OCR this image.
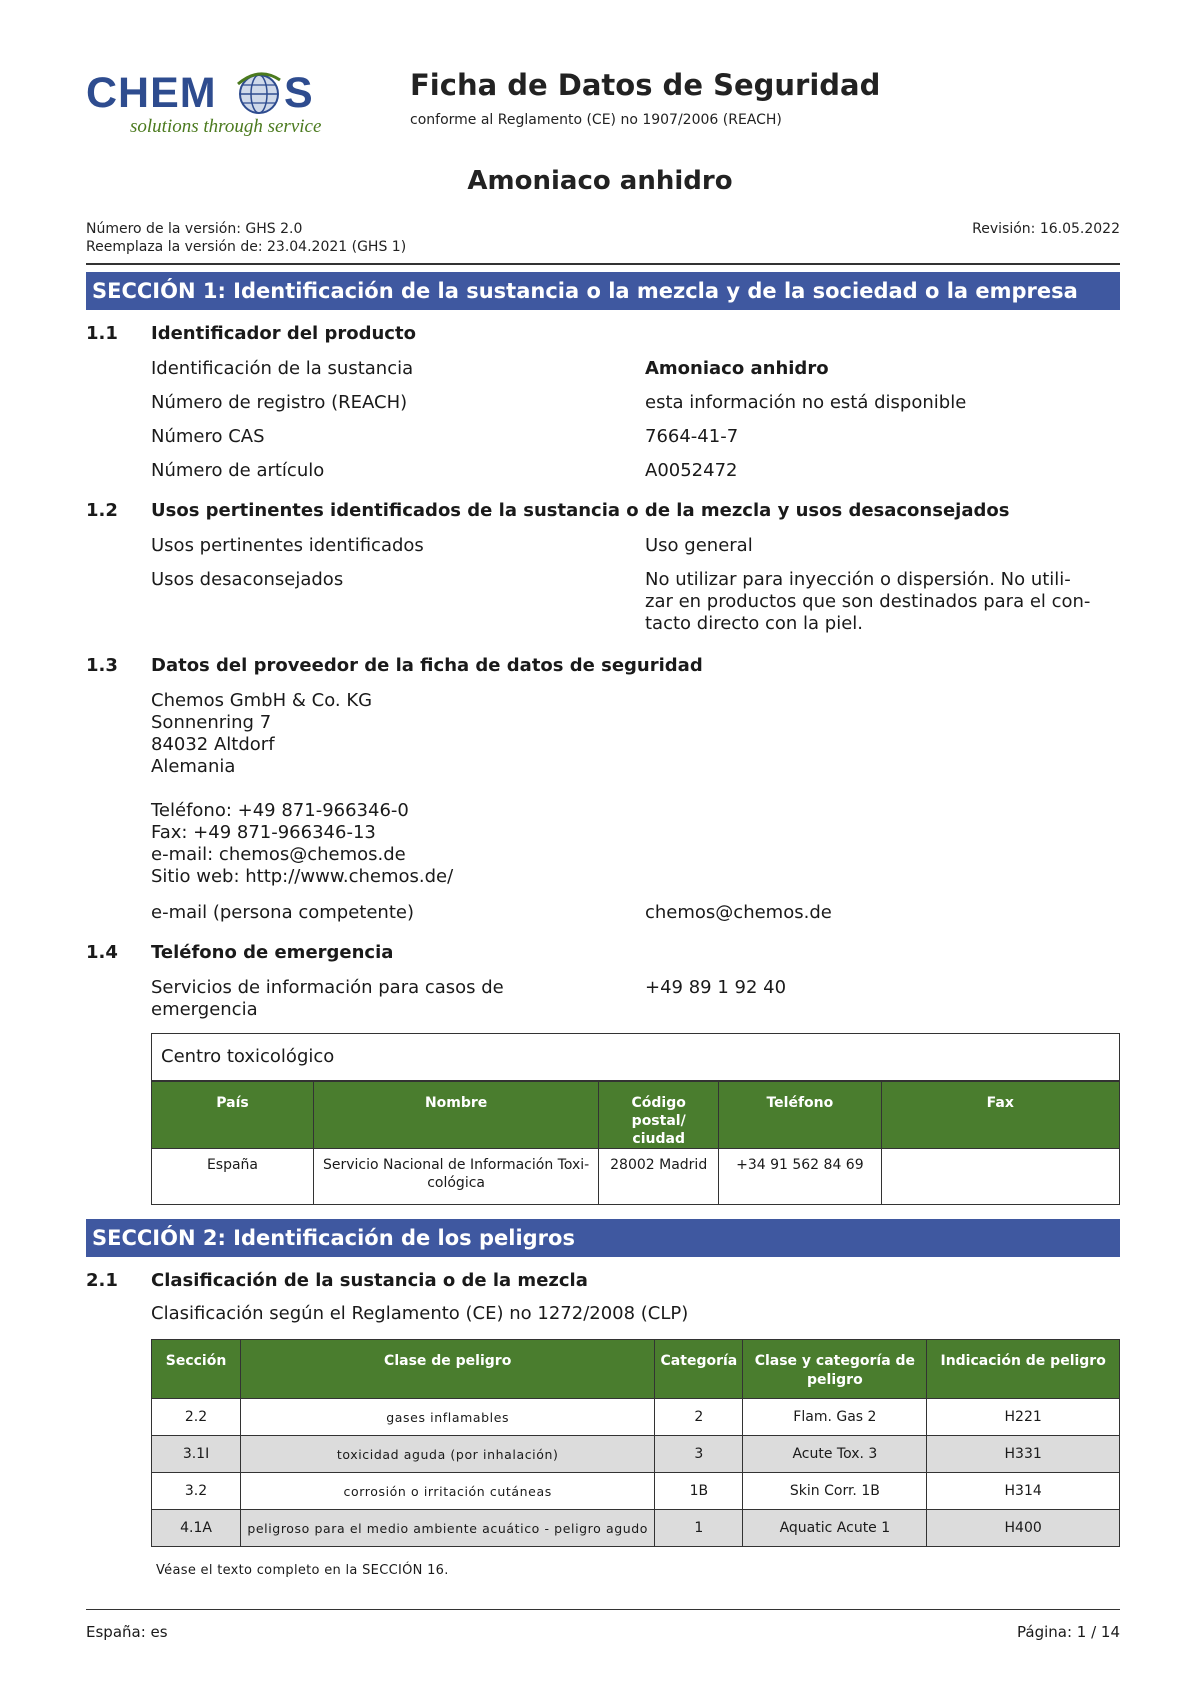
CHEM S
solutions through service
Ficha de Datos de Seguridad
conforme al Reglamento (CE) no 1907/2006 (REACH)
Amoniaco anhidro
Número de la versión: GHS 2.0
Reemplaza la versión de: 23.04.2021 (GHS 1)
Revisión: 16.05.2022
SECCIÓN 1: Identificación de la sustancia o la mezcla y de la sociedad o la empresa
1.1 Identificador del producto
Identificación de la sustancia	Amoniaco anhidro
Número de registro (REACH)	esta información no está disponible
Número CAS	7664-41-7
Número de artículo	A0052472
1.2 Usos pertinentes identificados de la sustancia o de la mezcla y usos desaconsejados
Usos pertinentes identificados	Uso general
Usos desaconsejados	No utilizar para inyección o dispersión. No utili-
zar en productos que son destinados para el con-
tacto directo con la piel.
1.3 Datos del proveedor de la ficha de datos de seguridad
Chemos GmbH & Co. KG
Sonnenring 7
84032 Altdorf
Alemania
Teléfono: +49 871-966346-0
Fax: +49 871-966346-13
e-mail: chemos@chemos.de
Sitio web: http://www.chemos.de/
e-mail (persona competente)	chemos@chemos.de
1.4 Teléfono de emergencia
Servicios de información para casos de
emergencia
+49 89 1 92 40
Centro toxicológico
País	Nombre	Código postal/ ciudad	Teléfono	Fax
España	Servicio Nacional de Información Toxicológica	28002 Madrid	+34 91 562 84 69	
SECCIÓN 2: Identificación de los peligros
2.1 Clasificación de la sustancia o de la mezcla
Clasificación según el Reglamento (CE) no 1272/2008 (CLP)
Sección	Clase de peligro	Categoría	Clase y categoría de peligro	Indicación de peligro
2.2	gases inflamables	2	Flam. Gas 2	H221
3.1I	toxicidad aguda (por inhalación)	3	Acute Tox. 3	H331
3.2	corrosión o irritación cutáneas	1B	Skin Corr. 1B	H314
4.1A	peligroso para el medio ambiente acuático - peligro agudo	1	Aquatic Acute 1	H400
Véase el texto completo en la SECCIÓN 16.
España: es	Página: 1 / 14
